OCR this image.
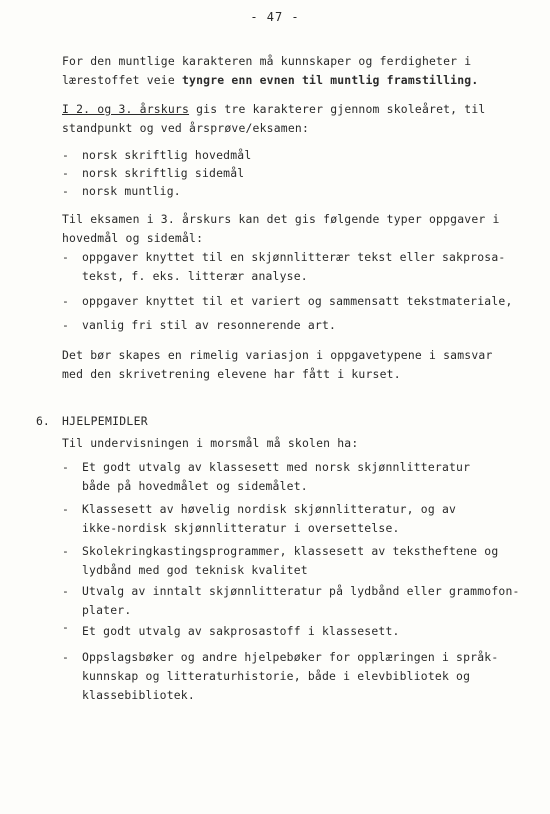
- 47 -
For den muntlige karakteren må kunnskaper og ferdigheter i
lærestoffet veie tyngre enn evnen til muntlig framstilling.
I 2. og 3. årskurs gis tre karakterer gjennom skoleåret, til
standpunkt og ved årsprøve/eksamen:
-	norsk skriftlig hovedmål
-	norsk skriftlig sidemål
-	norsk muntlig.
Til eksamen i 3. årskurs kan det gis følgende typer oppgaver i
hovedmål og sidemål:
-	oppgaver knyttet til en skjønnlitterær tekst eller sakprosa-
tekst, f. eks. litterær analyse.
-	oppgaver knyttet til et variert og sammensatt tekstmateriale,
-	vanlig fri stil av resonnerende art.
Det bør skapes en rimelig variasjon i oppgavetypene i samsvar
med den skrivetrening elevene har fått i kurset.
6. HJELPEMIDLER
Til undervisningen i morsmål må skolen ha:
-	Et godt utvalg av klassesett med norsk skjønnlitteratur
både på hovedmålet og sidemålet.
-	Klassesett av høvelig nordisk skjønnlitteratur, og av
ikke-nordisk skjønnlitteratur i oversettelse.
-	Skolekringkastingsprogrammer, klassesett av tekstheftene og
lydbånd med god teknisk kvalitet
-	Utvalg av inntalt skjønnlitteratur på lydbånd eller grammofon-
plater.
-	Et godt utvalg av sakprosastoff i klassesett.
-	Oppslagsbøker og andre hjelpebøker for opplæringen i språk-
kunnskap og litteraturhistorie, både i elevbibliotek og
klassebibliotek.
